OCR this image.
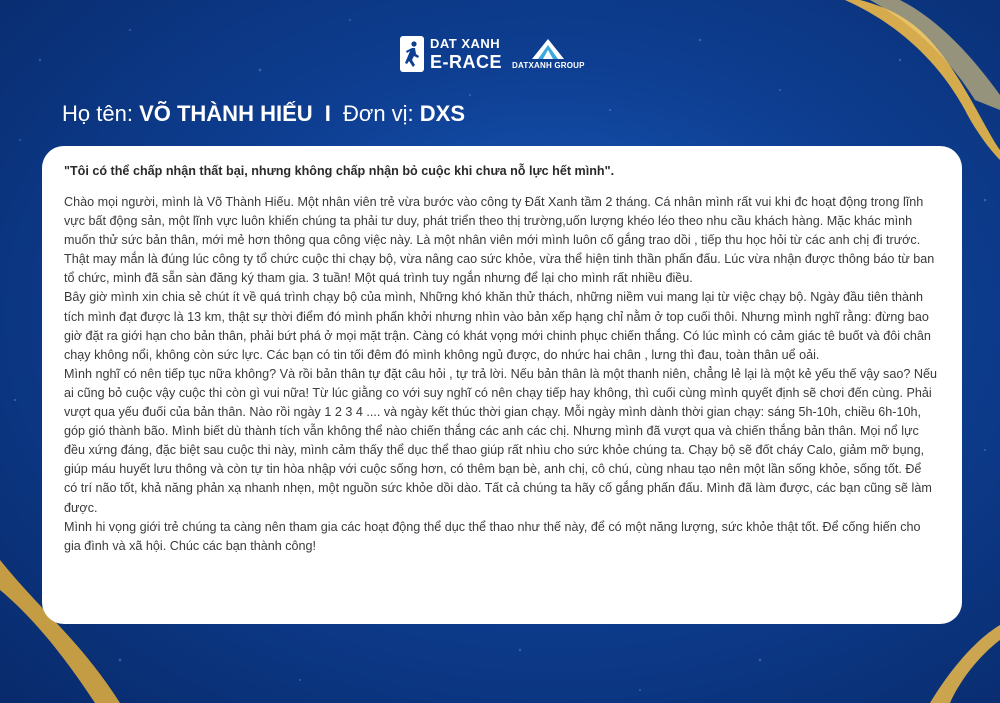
DAT XANH
E-RACE DATXANH GROUP
Họ tên: VÕ THÀNH HIẾU I Đơn vị: DXS

"Tôi có thể chấp nhận thất bại, nhưng không chấp nhận bỏ cuộc khi chưa nỗ lực hết mình".

Chào mọi người, mình là Võ Thành Hiếu. Một nhân viên trẻ vừa bước vào công ty Đất Xanh tầm 2 tháng. Cá nhân mình rất vui khi đc hoạt động trong lĩnh vực bất động sản, một lĩnh vực luôn khiến chúng ta phải tư duy, phát triển theo thị trường,uốn lượng khéo léo theo nhu cầu khách hàng. Mặc khác mình muốn thử sức bản thân, mới mẻ hơn thông qua công việc này. Là một nhân viên mới mình luôn cố gắng trao dồi , tiếp thu học hỏi từ các anh chị đi trước.

Thật may mắn là đúng lúc công ty tổ chức cuộc thi chạy bộ, vừa nâng cao sức khỏe, vừa thể hiện tinh thần phấn đấu. Lúc vừa nhận được thông báo từ ban tổ chức, mình đã sẵn sàn đăng ký tham gia. 3 tuần! Một quá trình tuy ngắn nhưng để lại cho mình rất nhiều điều.

Bây giờ mình xin chia sẻ chút ít về quá trình chạy bộ của mình, Những khó khăn thử thách, những niềm vui mang lại từ việc chạy bộ. Ngày đầu tiên thành tích mình đạt được là 13 km, thật sự thời điểm đó mình phấn khởi nhưng nhìn vào bản xếp hạng chỉ nằm ở top cuối thôi. Nhưng mình nghĩ rằng: đừng bao giờ đặt ra giới hạn cho bản thân, phải bứt phá ở mọi mặt trận. Càng có khát vọng mới chinh phục chiến thắng. Có lúc mình có cảm giác tê buốt và đôi chân chạy không nổi, không còn sức lực. Các bạn có tin tối đêm đó mình không ngủ được, do nhức hai chân , lưng thì đau, toàn thân uể oải.

Mình nghĩ có nên tiếp tục nữa không? Và rồi bản thân tự đặt câu hỏi , tự trả lời. Nếu bản thân là một thanh niên, chẳng lẻ lại là một kẻ yếu thế vậy sao? Nếu ai cũng bỏ cuộc vậy cuộc thi còn gì vui nữa! Từ lúc giằng co với suy nghĩ có nên chạy tiếp hay không, thì cuối cùng mình quyết định sẽ chơi đến cùng. Phải vượt qua yếu đuối của bản thân. Nào rồi ngày 1 2 3 4 .... và ngày kết thúc thời gian chạy. Mỗi ngày mình dành thời gian chạy: sáng 5h-10h, chiều 6h-10h, góp gió thành bão. Mình biết dù thành tích vẫn không thể nào chiến thắng các anh các chị. Nhưng mình đã vượt qua và chiến thắng bản thân. Mọi nổ lực đều xứng đáng, đặc biệt sau cuộc thi này, mình cảm thấy thể dục thể thao giúp rất nhìu cho sức khỏe chúng ta. Chạy bộ sẽ đốt cháy Calo, giảm mỡ bụng, giúp máu huyết lưu thông và còn tự tin hòa nhập với cuộc sống hơn, có thêm bạn bè, anh chị, cô chú, cùng nhau tạo nên một lần sống khỏe, sống tốt. Để có trí não tốt, khả năng phản xạ nhanh nhẹn, một nguồn sức khỏe dồi dào. Tất cả chúng ta hãy cố gắng phấn đấu. Mình đã làm được, các bạn cũng sẽ làm được.

Mình hi vọng giới trẻ chúng ta càng nên tham gia các hoạt động thể dục thể thao như thế này, để có một năng lượng, sức khỏe thật tốt. Để cống hiến cho gia đình và xã hội. Chúc các bạn thành công!
